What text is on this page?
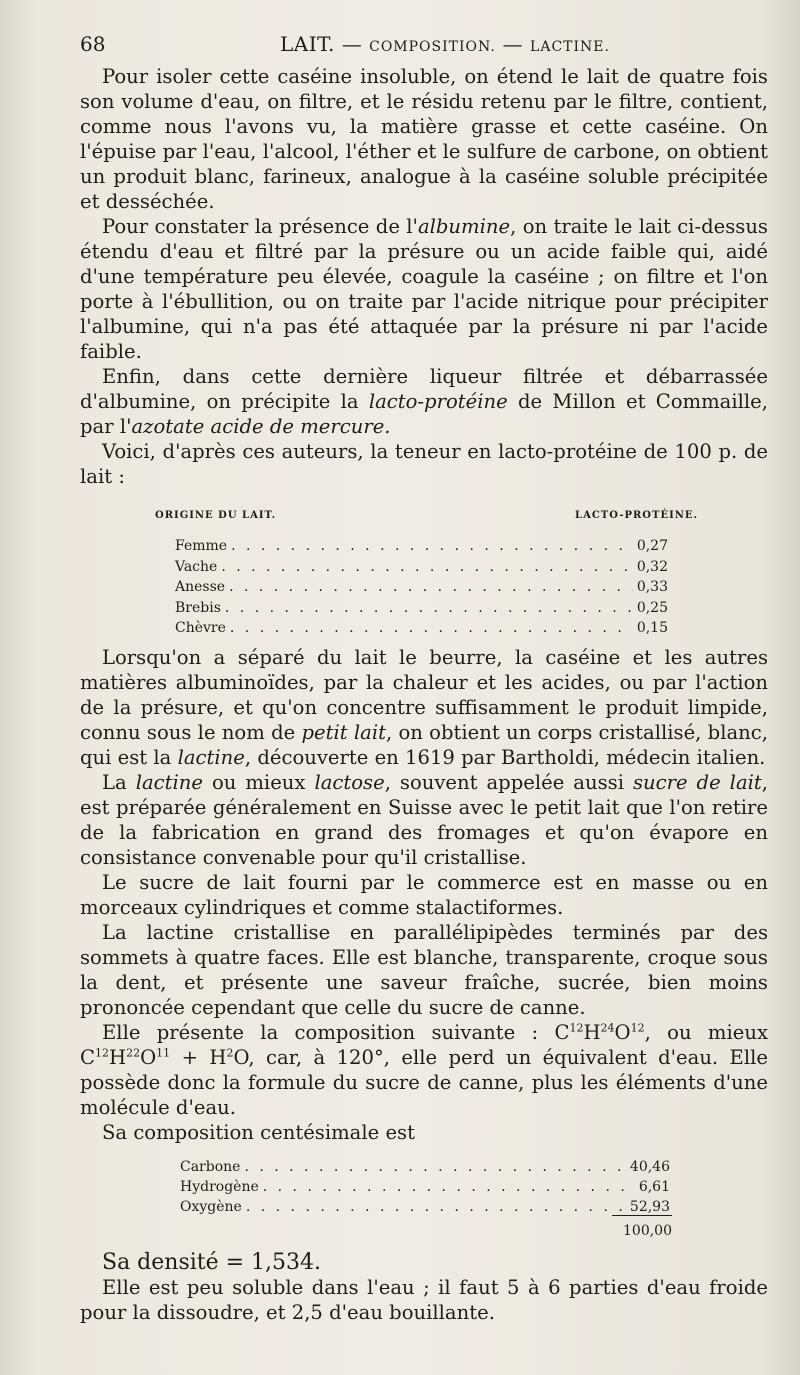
68	LAIT. — COMPOSITION. — LACTINE.

Pour isoler cette caséine insoluble, on étend le lait de quatre fois son volume d'eau, on filtre, et le résidu retenu par le filtre, contient, comme nous l'avons vu, la matière grasse et cette caséine. On l'épuise par l'eau, l'alcool, l'éther et le sulfure de carbone, on obtient un produit blanc, farineux, analogue à la caséine soluble précipitée et desséchée.

Pour constater la présence de l'albumine, on traite le lait ci-dessus étendu d'eau et filtré par la présure ou un acide faible qui, aidé d'une température peu élevée, coagule la caséine ; on filtre et l'on porte à l'ébullition, ou on traite par l'acide nitrique pour précipiter l'albumine, qui n'a pas été attaquée par la présure ni par l'acide faible.

Enfin, dans cette dernière liqueur filtrée et débarrassée d'albumine, on précipite la lacto-protéine de Millon et Commaille, par l'azotate acide de mercure.

Voici, d'après ces auteurs, la teneur en lacto-protéine de 100 p. de lait :

ORIGINE DU LAIT.	LACTO-PROTÉINE.
Femme . . .	0,27
Vache . . .	0,32
Anesse . . .	0,33
Brebis . . .	0,25
Chèvre . . .	0,15

Lorsqu'on a séparé du lait le beurre, la caséine et les autres matières albuminoïdes, par la chaleur et les acides, ou par l'action de la présure, et qu'on concentre suffisamment le produit limpide, connu sous le nom de petit lait, on obtient un corps cristallisé, blanc, qui est la lactine, découverte en 1619 par Bartholdi, médecin italien.

La lactine ou mieux lactose, souvent appelée aussi sucre de lait, est préparée généralement en Suisse avec le petit lait que l'on retire de la fabrication en grand des fromages et qu'on évapore en consistance convenable pour qu'il cristallise.

Le sucre de lait fourni par le commerce est en masse ou en morceaux cylindriques et comme stalactiformes.

La lactine cristallise en parallélipipèdes terminés par des sommets à quatre faces. Elle est blanche, transparente, croque sous la dent, et présente une saveur fraîche, sucrée, bien moins prononcée cependant que celle du sucre de canne.

Elle présente la composition suivante : $C^{12}H^{24}O^{12}$, ou mieux $C^{12}H^{22}O^{11} + H^2O$, car, à 120°, elle perd un équivalent d'eau. Elle possède donc la formule du sucre de canne, plus les éléments d'une molécule d'eau.

Sa composition centésimale est

Carbone . . .	40,46
Hydrogène . . .	6,61
Oxygène . . .	52,93
100,00

Sa densité = 1,534.

Elle est peu soluble dans l'eau ; il faut 5 à 6 parties d'eau froide pour la dissoudre, et 2,5 d'eau bouillante.
